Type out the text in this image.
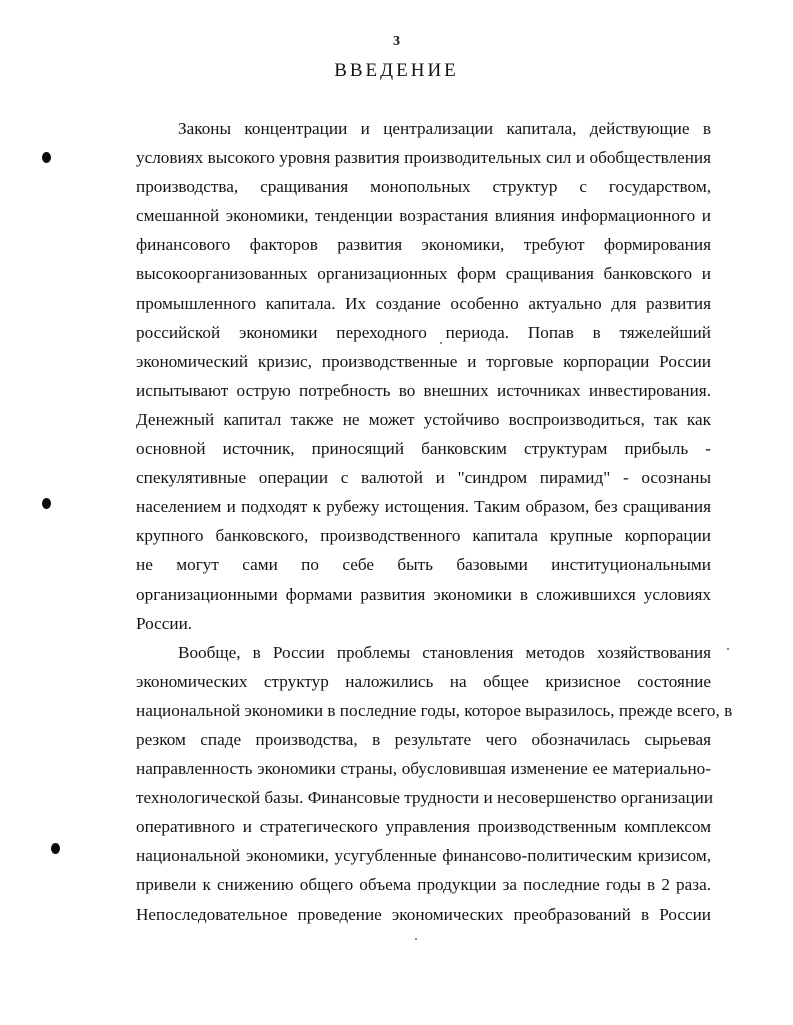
3
ВВЕДЕНИЕ

Законы концентрации и централизации капитала, действующие в
условиях высокого уровня развития производительных сил и обобществления
производства, сращивания монопольных структур с государством,
смешанной экономики, тенденции возрастания влияния информационного и
финансового факторов развития экономики, требуют формирования
высокоорганизованных организационных форм сращивания банковского и
промышленного капитала. Их создание особенно актуально для развития
российской экономики переходного периода. Попав в тяжелейший
экономический кризис, производственные и торговые корпорации России
испытывают острую потребность во внешних источниках инвестирования.
Денежный капитал также не может устойчиво воспроизводиться, так как
основной источник, приносящий банковским структурам прибыль -
спекулятивные операции с валютой и "синдром пирамид" - осознаны
населением и подходят к рубежу истощения. Таким образом, без сращивания
крупного банковского, производственного капитала крупные корпорации
не могут сами по себе быть базовыми институциональными
организационными формами развития экономики в сложившихся условиях
России.

Вообще, в России проблемы становления методов хозяйствования
экономических структур наложились на общее кризисное состояние
национальной экономики в последние годы, которое выразилось, прежде всего, в
резком спаде производства, в результате чего обозначилась сырьевая
направленность экономики страны, обусловившая изменение ее материально-
технологической базы. Финансовые трудности и несовершенство организации
оперативного и стратегического управления производственным комплексом
национальной экономики, усугубленные финансово-политическим кризисом,
привели к снижению общего объема продукции за последние годы в 2 раза.
Непоследовательное проведение экономических преобразований в России
